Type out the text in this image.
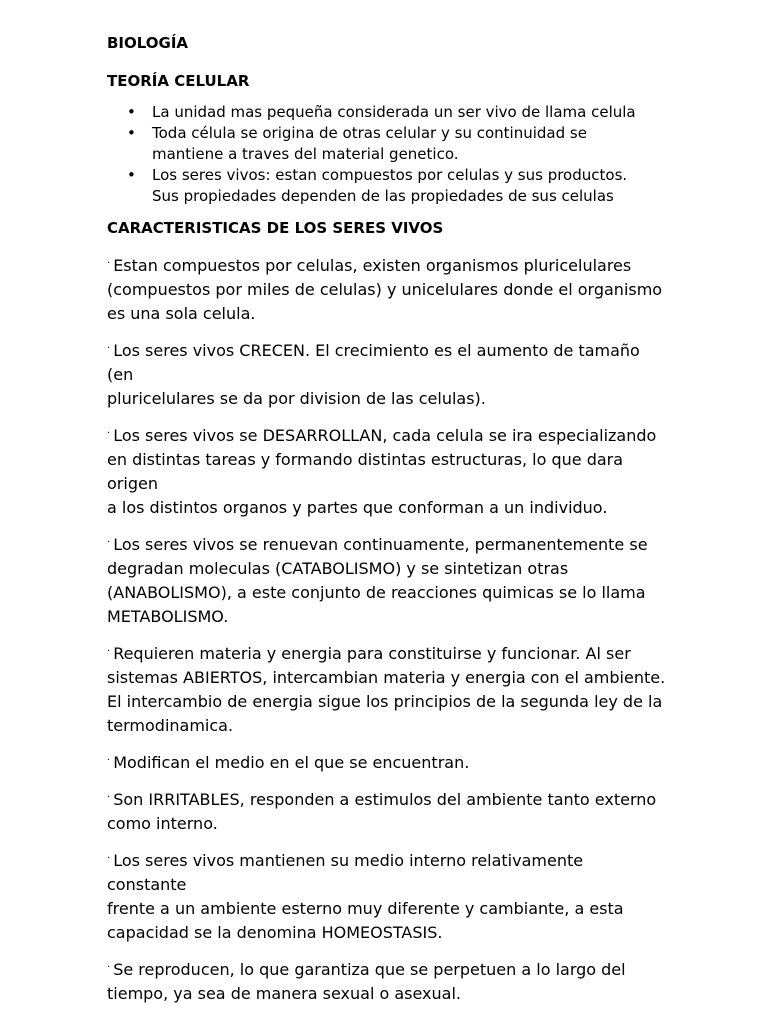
BIOLOGÍA
TEORÍA CELULAR
• La unidad mas pequeña considerada un ser vivo de llama celula
• Toda célula se origina de otras celular y su continuidad se
mantiene a traves del material genetico.
• Los seres vivos: estan compuestos por celulas y sus productos.
Sus propiedades dependen de las propiedades de sus celulas
CARACTERISTICAS DE LOS SERES VIVOS

· Estan compuestos por celulas, existen organismos pluricelulares
(compuestos por miles de celulas) y unicelulares donde el organismo
es una sola celula.

· Los seres vivos CRECEN. El crecimiento es el aumento de tamaño (en
pluricelulares se da por division de las celulas).

· Los seres vivos se DESARROLLAN, cada celula se ira especializando
en distintas tareas y formando distintas estructuras, lo que dara origen
a los distintos organos y partes que conforman a un individuo.

· Los seres vivos se renuevan continuamente, permanentemente se
degradan moleculas (CATABOLISMO) y se sintetizan otras
(ANABOLISMO), a este conjunto de reacciones quimicas se lo llama
METABOLISMO.

· Requieren materia y energia para constituirse y funcionar. Al ser
sistemas ABIERTOS, intercambian materia y energia con el ambiente.
El intercambio de energia sigue los principios de la segunda ley de la
termodinamica.

· Modifican el medio en el que se encuentran.

· Son IRRITABLES, responden a estimulos del ambiente tanto externo
como interno.

· Los seres vivos mantienen su medio interno relativamente constante
frente a un ambiente esterno muy diferente y cambiante, a esta
capacidad se la denomina HOMEOSTASIS.

· Se reproducen, lo que garantiza que se perpetuen a lo largo del
tiempo, ya sea de manera sexual o asexual.
